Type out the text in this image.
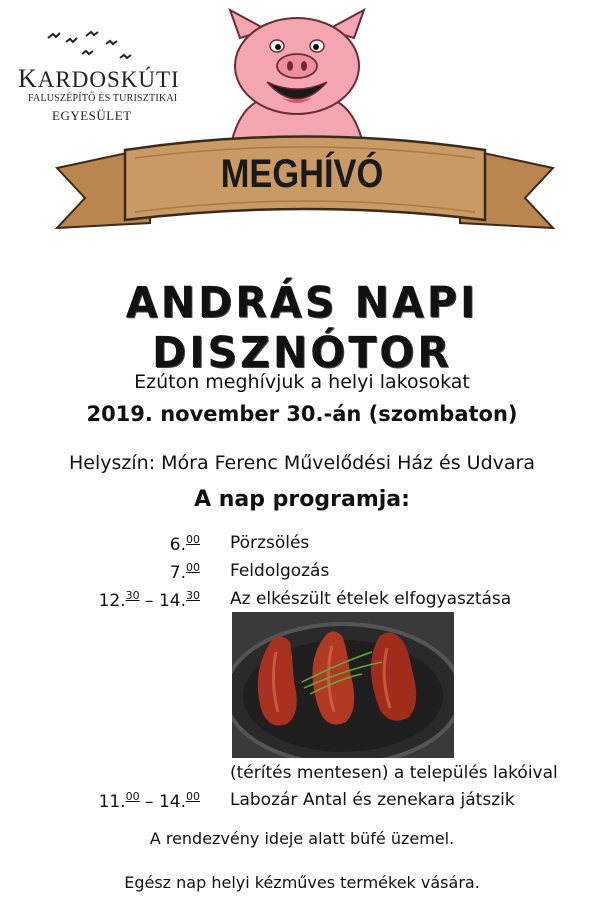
KARDOSKÚTI
FALUSZÉPÍTŐ ÉS TURISZTIKAI
EGYESÜLET
MEGHÍVÓ
ANDRÁS NAPI DISZNÓTOR
Ezúton meghívjuk a helyi lakosokat
2019. november 30.-án (szombaton)
Helyszín: Móra Ferenc Művelődési Ház és Udvara
A nap programja:
6.00 Pörzsölés
7.00 Feldolgozás
12.30 – 14.30 Az elkészült ételek elfogyasztása
(térítés mentesen) a település lakóival
11.00 – 14.00 Labozár Antal és zenekara játszik
A rendezvény ideje alatt büfé üzemel.
Egész nap helyi kézműves termékek vására.
